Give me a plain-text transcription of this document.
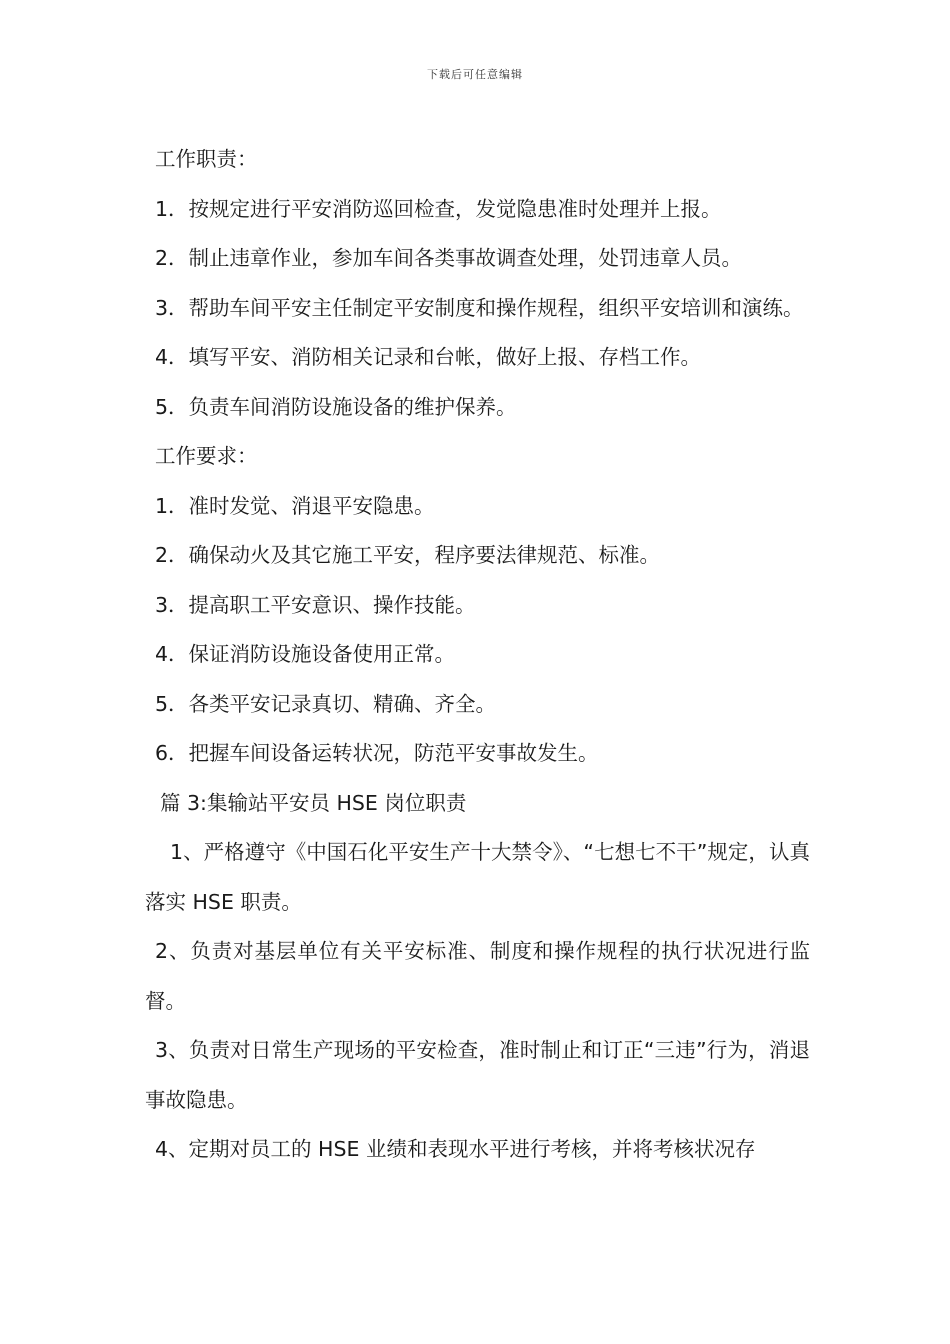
下载后可任意编辑

工作职责：

1．按规定进行平安消防巡回检查，发觉隐患准时处理并上报。

2．制止违章作业，参加车间各类事故调查处理，处罚违章人员。

3．帮助车间平安主任制定平安制度和操作规程，组织平安培训和演练。

4．填写平安、消防相关记录和台帐，做好上报、存档工作。

5．负责车间消防设施设备的维护保养。

工作要求：

1．准时发觉、消退平安隐患。

2．确保动火及其它施工平安，程序要法律规范、标准。

3．提高职工平安意识、操作技能。

4．保证消防设施设备使用正常。

5．各类平安记录真切、精确、齐全。

6．把握车间设备运转状况，防范平安事故发生。

篇 3:集输站平安员 HSE 岗位职责

1、严格遵守《中国石化平安生产十大禁令》、“七想七不干”规定，认真落实 HSE 职责。

2、负责对基层单位有关平安标准、制度和操作规程的执行状况进行监督。

3、负责对日常生产现场的平安检查，准时制止和订正“三违”行为，消退事故隐患。

4、定期对员工的 HSE 业绩和表现水平进行考核，并将考核状况存
